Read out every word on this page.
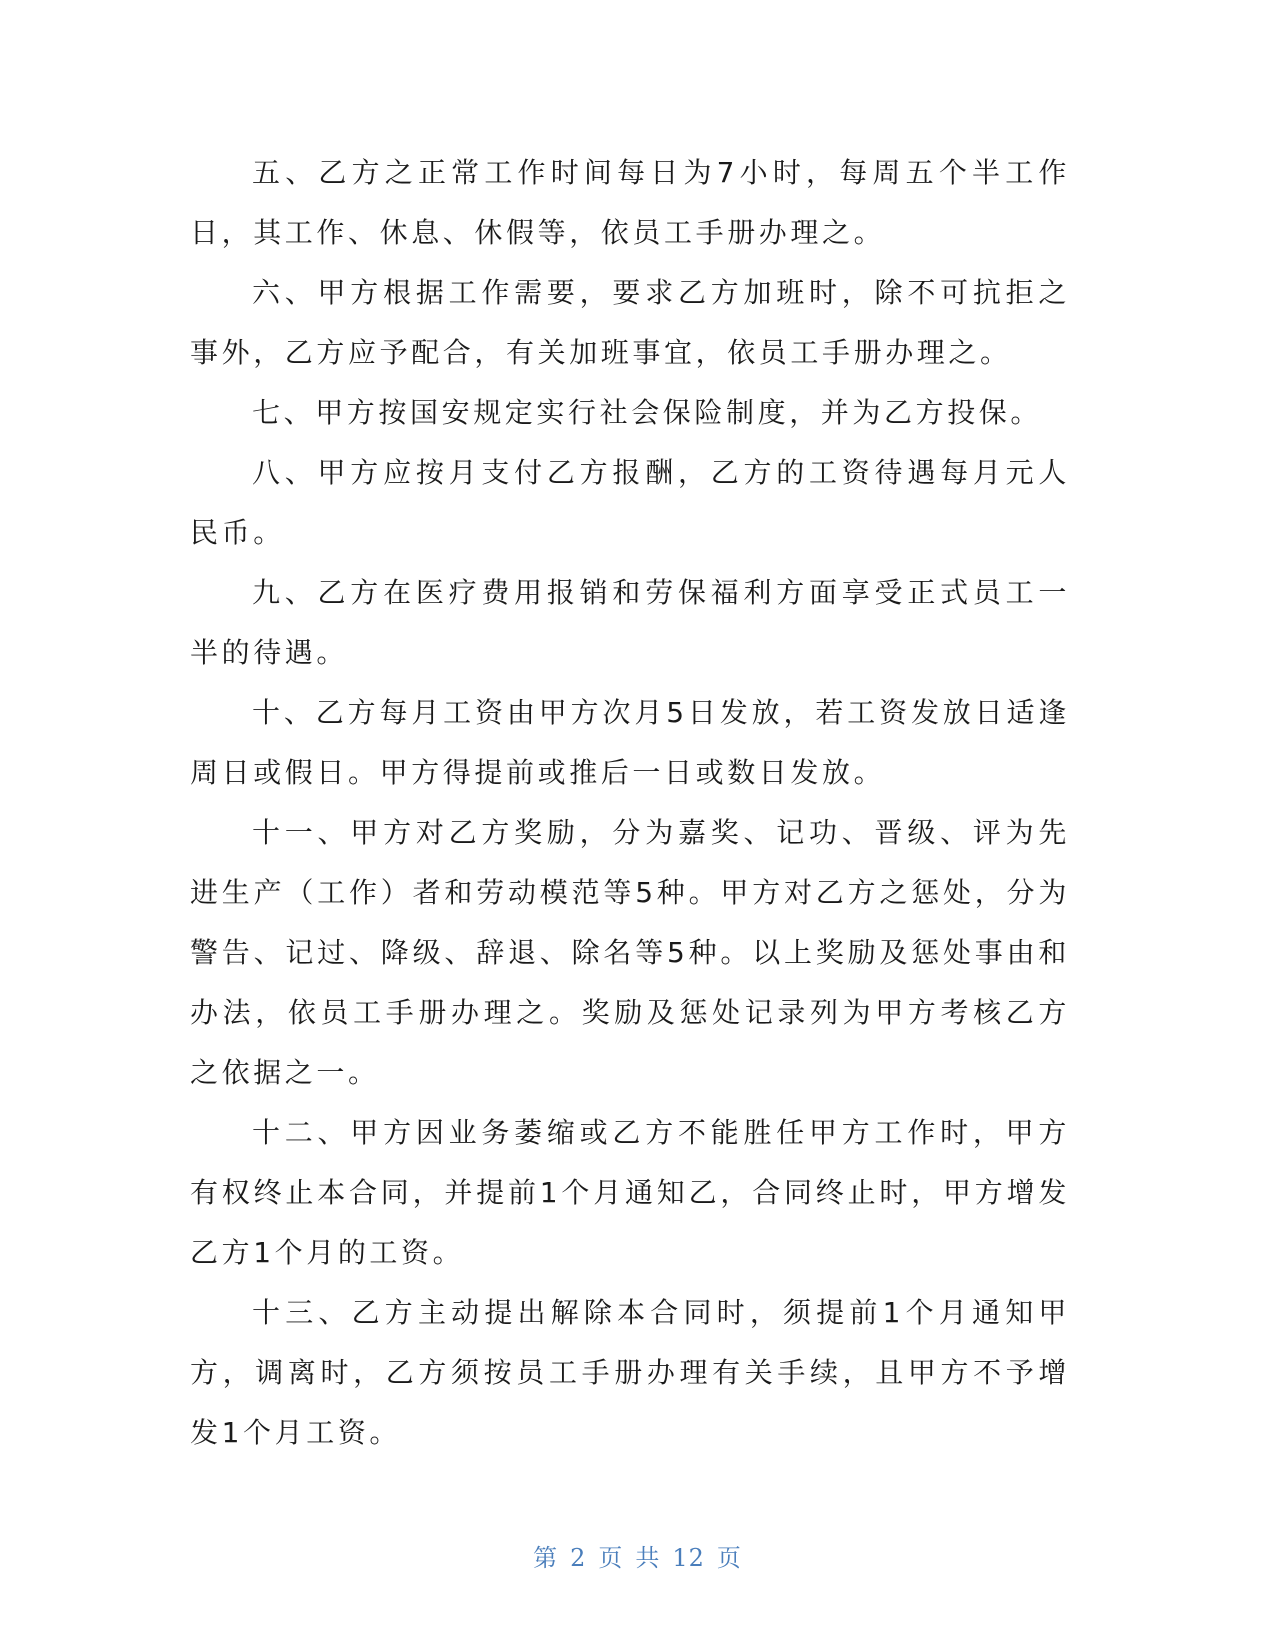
五、乙方之正常工作时间每日为7小时，每周五个半工作日，其工作、休息、休假等，依员工手册办理之。

六、甲方根据工作需要，要求乙方加班时，除不可抗拒之事外，乙方应予配合，有关加班事宜，依员工手册办理之。

七、甲方按国安规定实行社会保险制度，并为乙方投保。

八、甲方应按月支付乙方报酬，乙方的工资待遇每月元人民币。

九、乙方在医疗费用报销和劳保福利方面享受正式员工一半的待遇。

十、乙方每月工资由甲方次月5日发放，若工资发放日适逢周日或假日。甲方得提前或推后一日或数日发放。

十一、甲方对乙方奖励，分为嘉奖、记功、晋级、评为先进生产（工作）者和劳动模范等5种。甲方对乙方之惩处，分为警告、记过、降级、辞退、除名等5种。以上奖励及惩处事由和办法，依员工手册办理之。奖励及惩处记录列为甲方考核乙方之依据之一。

十二、甲方因业务萎缩或乙方不能胜任甲方工作时，甲方有权终止本合同，并提前1个月通知乙，合同终止时，甲方增发乙方1个月的工资。

十三、乙方主动提出解除本合同时，须提前1个月通知甲方，调离时，乙方须按员工手册办理有关手续，且甲方不予增发1个月工资。

第 2 页 共 12 页
